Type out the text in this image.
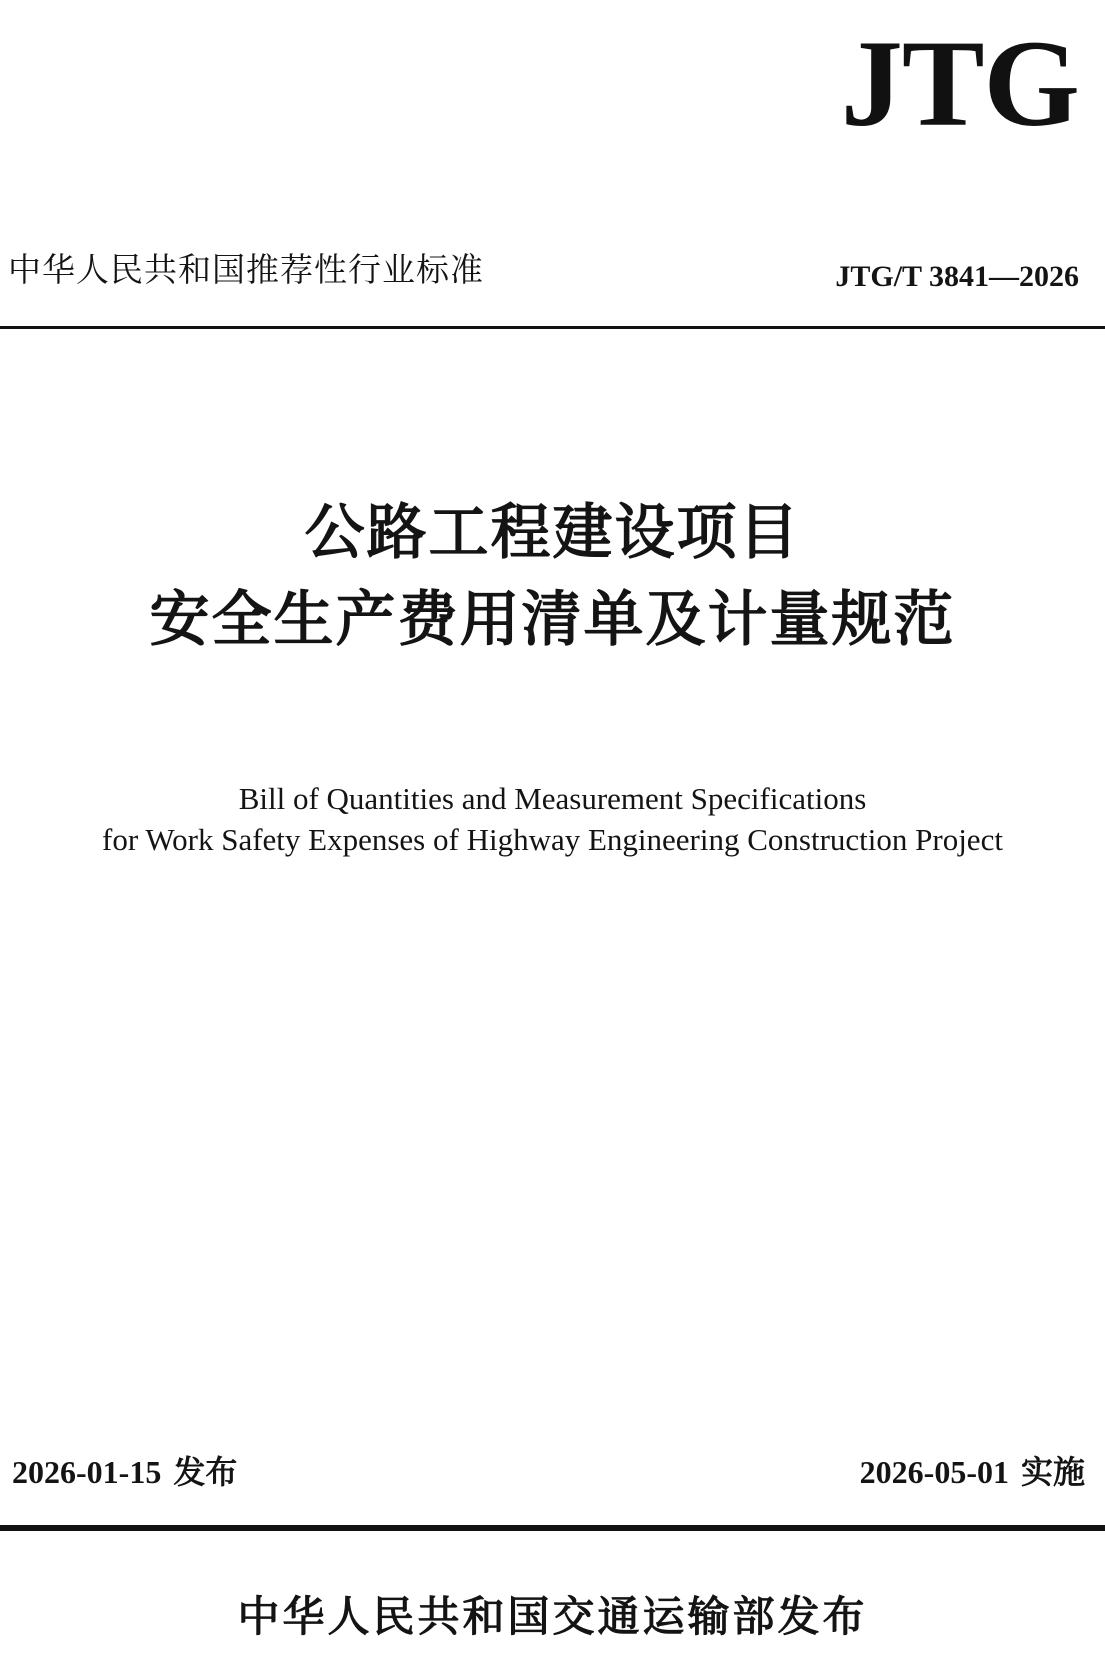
JTG
中华人民共和国推荐性行业标准	JTG/T 3841—2026
公路工程建设项目
安全生产费用清单及计量规范
Bill of Quantities and Measurement Specifications
for Work Safety Expenses of Highway Engineering Construction Project
2026-01-15 发布	2026-05-01 实施
中华人民共和国交通运输部发布
